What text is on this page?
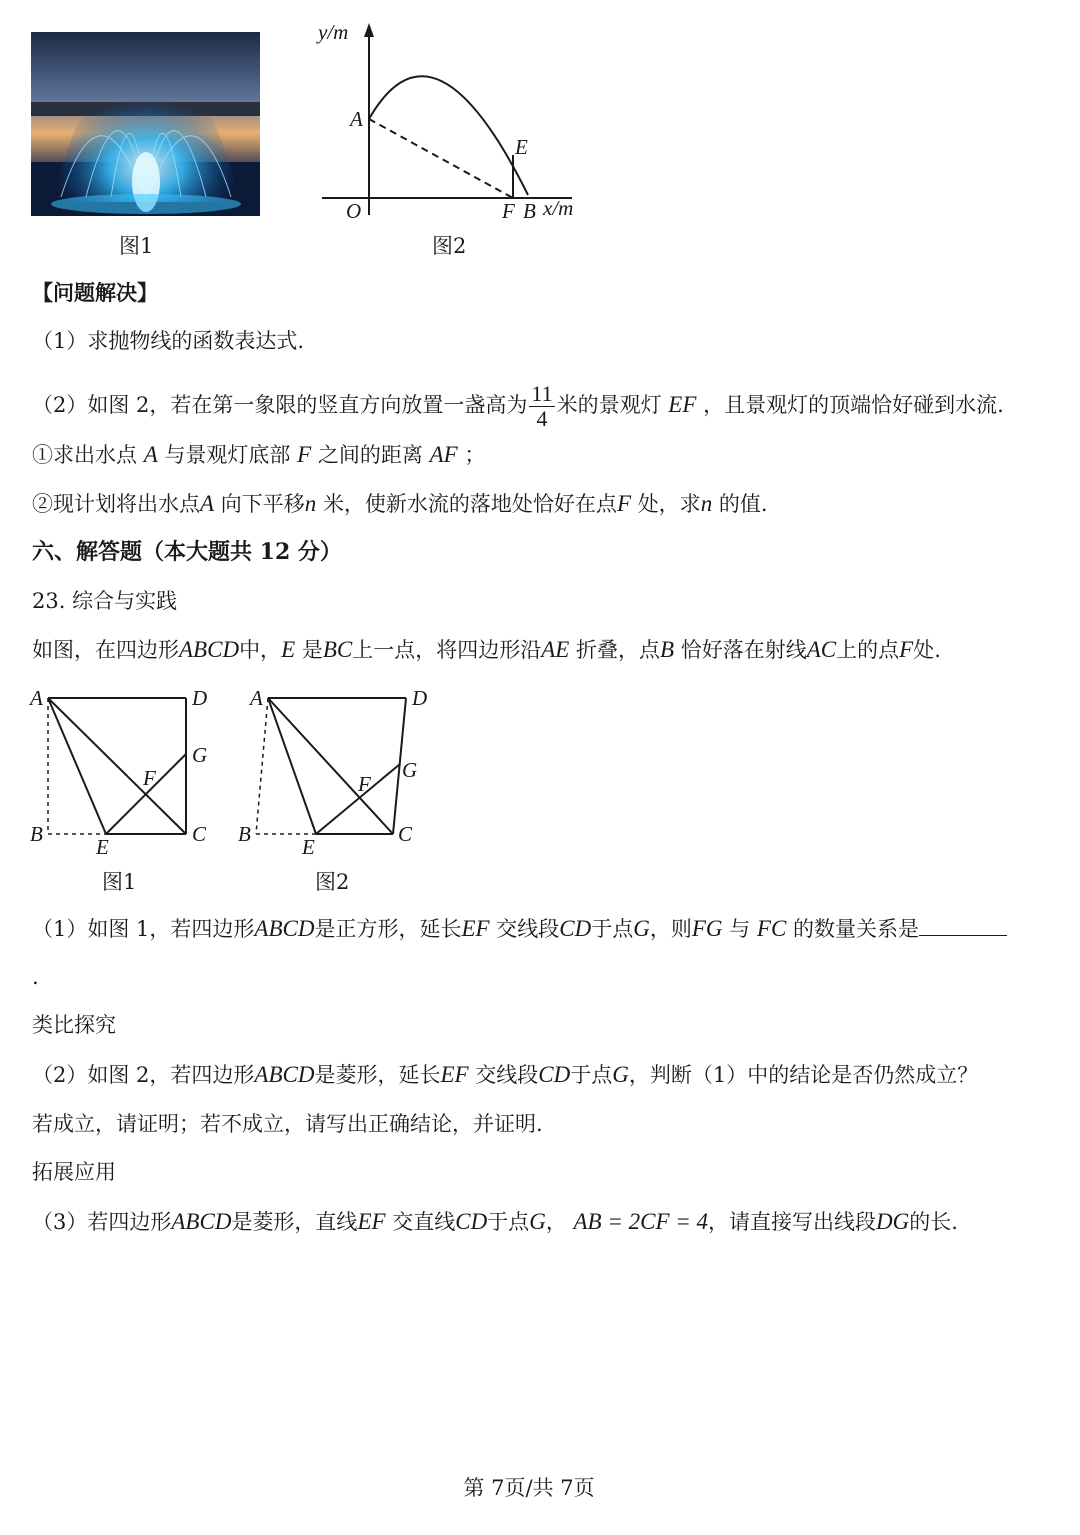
图1
y/m
A
E
O	F B x/m
图2
【问题解决】
（1）求抛物线的函数表达式.
（2）如图 2，若在第一象限的竖直方向放置一盏高为 $\frac{11}{4}$ 米的景观灯 EF ，且景观灯的顶端恰好碰到水流.
①求出水点 A 与景观灯底部 F 之间的距离 AF ；
②现计划将出水点A 向下平移n 米，使新水流的落地处恰好在点F 处，求n 的值.
六、解答题（本大题共 12 分）
23. 综合与实践
如图，在四边形ABCD中，E 是BC上一点，将四边形沿AE 折叠，点B 恰好落在射线AC上的点F处.
A	D
G
F
B	C
E
图1
A	D
G
F
B	C
E
图2
（1）如图 1，若四边形ABCD是正方形，延长EF 交线段CD于点G，则FG 与 FC 的数量关系是
.
类比探究
（2）如图 2，若四边形ABCD是菱形，延长EF 交线段CD于点G，判断（1）中的结论是否仍然成立？
若成立，请证明；若不成立，请写出正确结论，并证明.
拓展应用
（3）若四边形ABCD是菱形，直线EF 交直线CD于点G， AB = 2CF = 4，请直接写出线段DG的长.
第 7页/共 7页
